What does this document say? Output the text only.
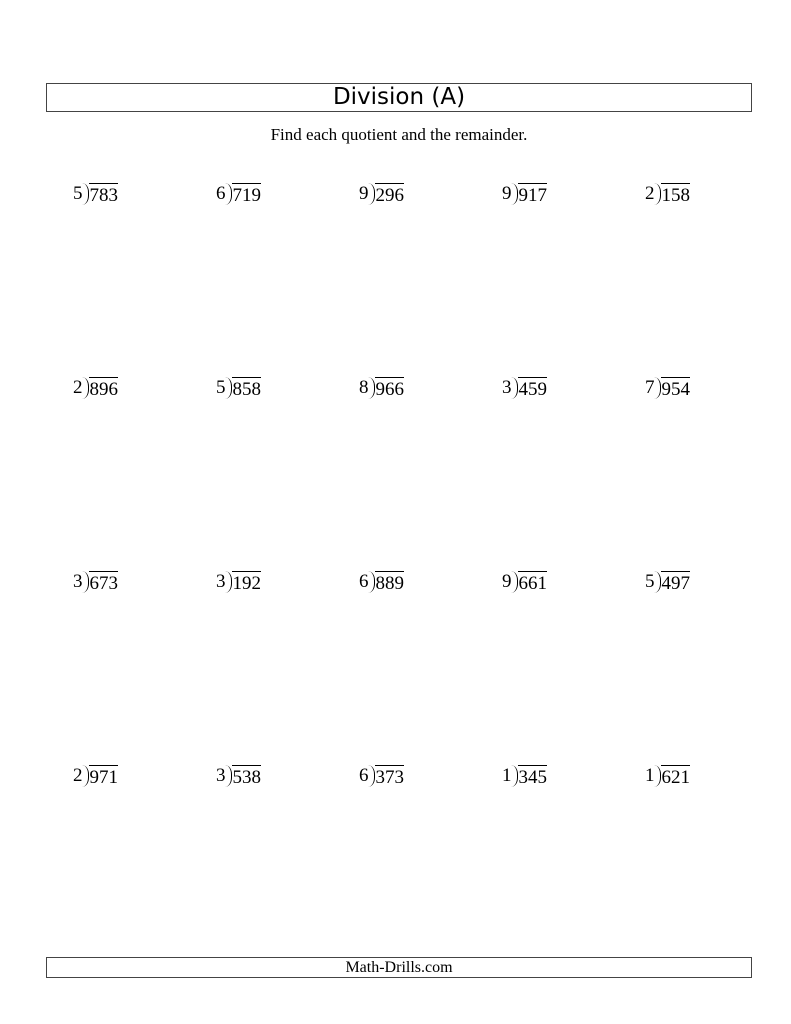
Division (A)
Find each quotient and the remainder.
5 783	6 719	9 296	9 917	2 158
2 896	5 858	8 966	3 459	7 954
3 673	3 192	6 889	9 661	5 497
2 971	3 538	6 373	1 345	1 621
Math-Drills.com
